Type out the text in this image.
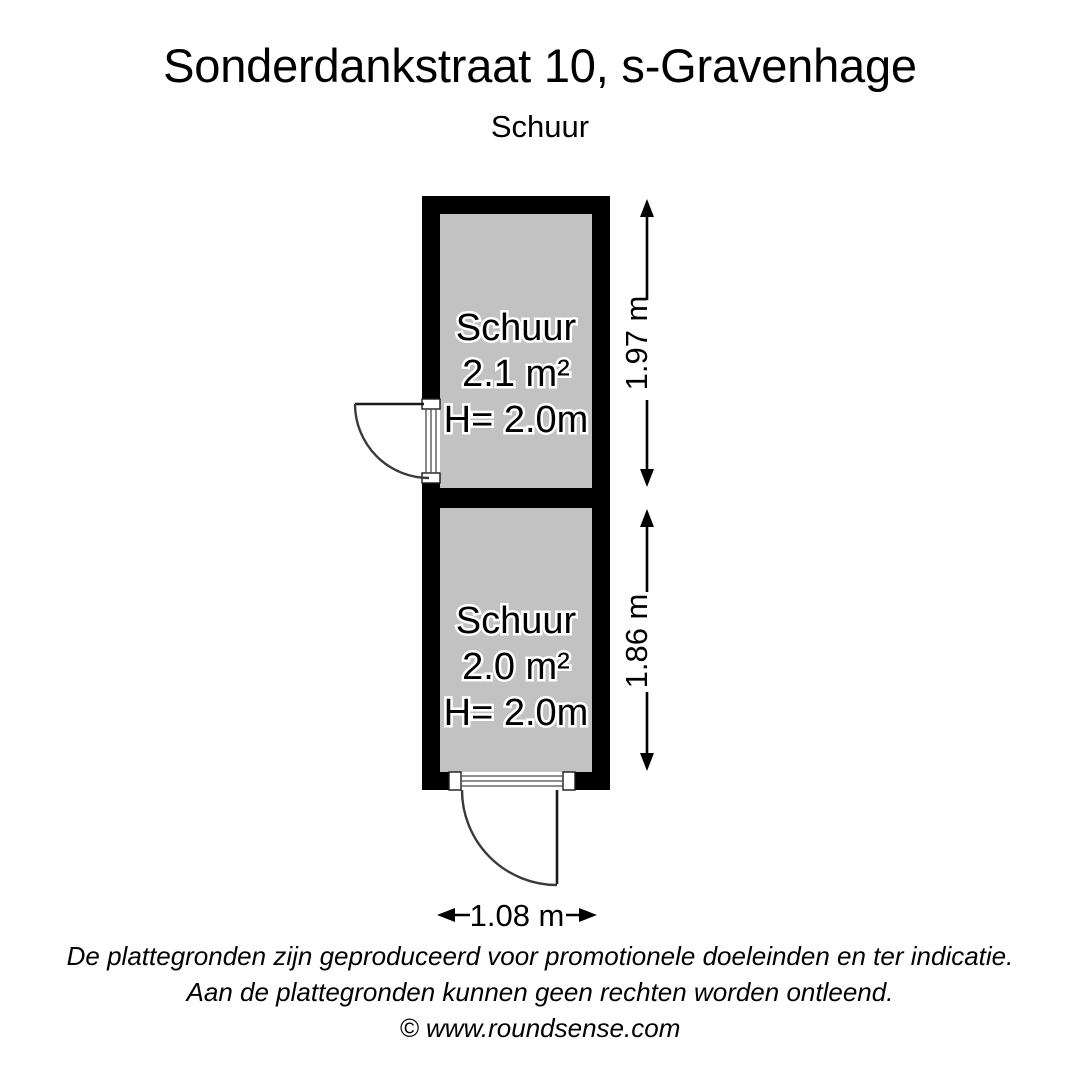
Sonderdankstraat 10, s-Gravenhage
Schuur
Schuur
2.1 m²
H= 2.0m
Schuur
2.0 m²
H= 2.0m
1.97 m
1.86 m
1.08 m
De plattegronden zijn geproduceerd voor promotionele doeleinden en ter indicatie.
Aan de plattegronden kunnen geen rechten worden ontleend.
© www.roundsense.com
